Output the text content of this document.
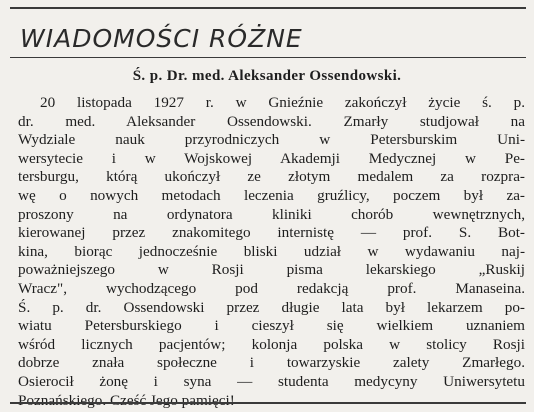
WIADOMOŚCI RÓŻNE
Ś. p. Dr. med. Aleksander Ossendowski.
20 listopada 1927 r. w Gnieźnie zakończył życie ś. p.
dr. med. Aleksander Ossendowski. Zmarły studjował na
Wydziale nauk przyrodniczych w Petersburskim Uni-
wersytecie i w Wojskowej Akademji Medycznej w Pe-
tersburgu, którą ukończył ze złotym medalem za rozpra-
wę o nowych metodach leczenia gruźlicy, poczem był za-
proszony na ordynatora kliniki chorób wewnętrznych,
kierowanej przez znakomitego internistę — prof. S. Bot-
kina, biorąc jednocześnie bliski udział w wydawaniu naj-
poważniejszego w Rosji pisma lekarskiego „Ruskij
Wracz", wychodzącego pod redakcją prof. Manaseina.
Ś. p. dr. Ossendowski przez długie lata był lekarzem po-
wiatu Petersburskiego i cieszył się wielkiem uznaniem
wśród licznych pacjentów; kolonja polska w stolicy Rosji
dobrze znała społeczne i towarzyskie zalety Zmarłego.
Osierocił żonę i syna — studenta medycyny Uniwersytetu
Poznańskiego. Cześć Jego pamięci!
